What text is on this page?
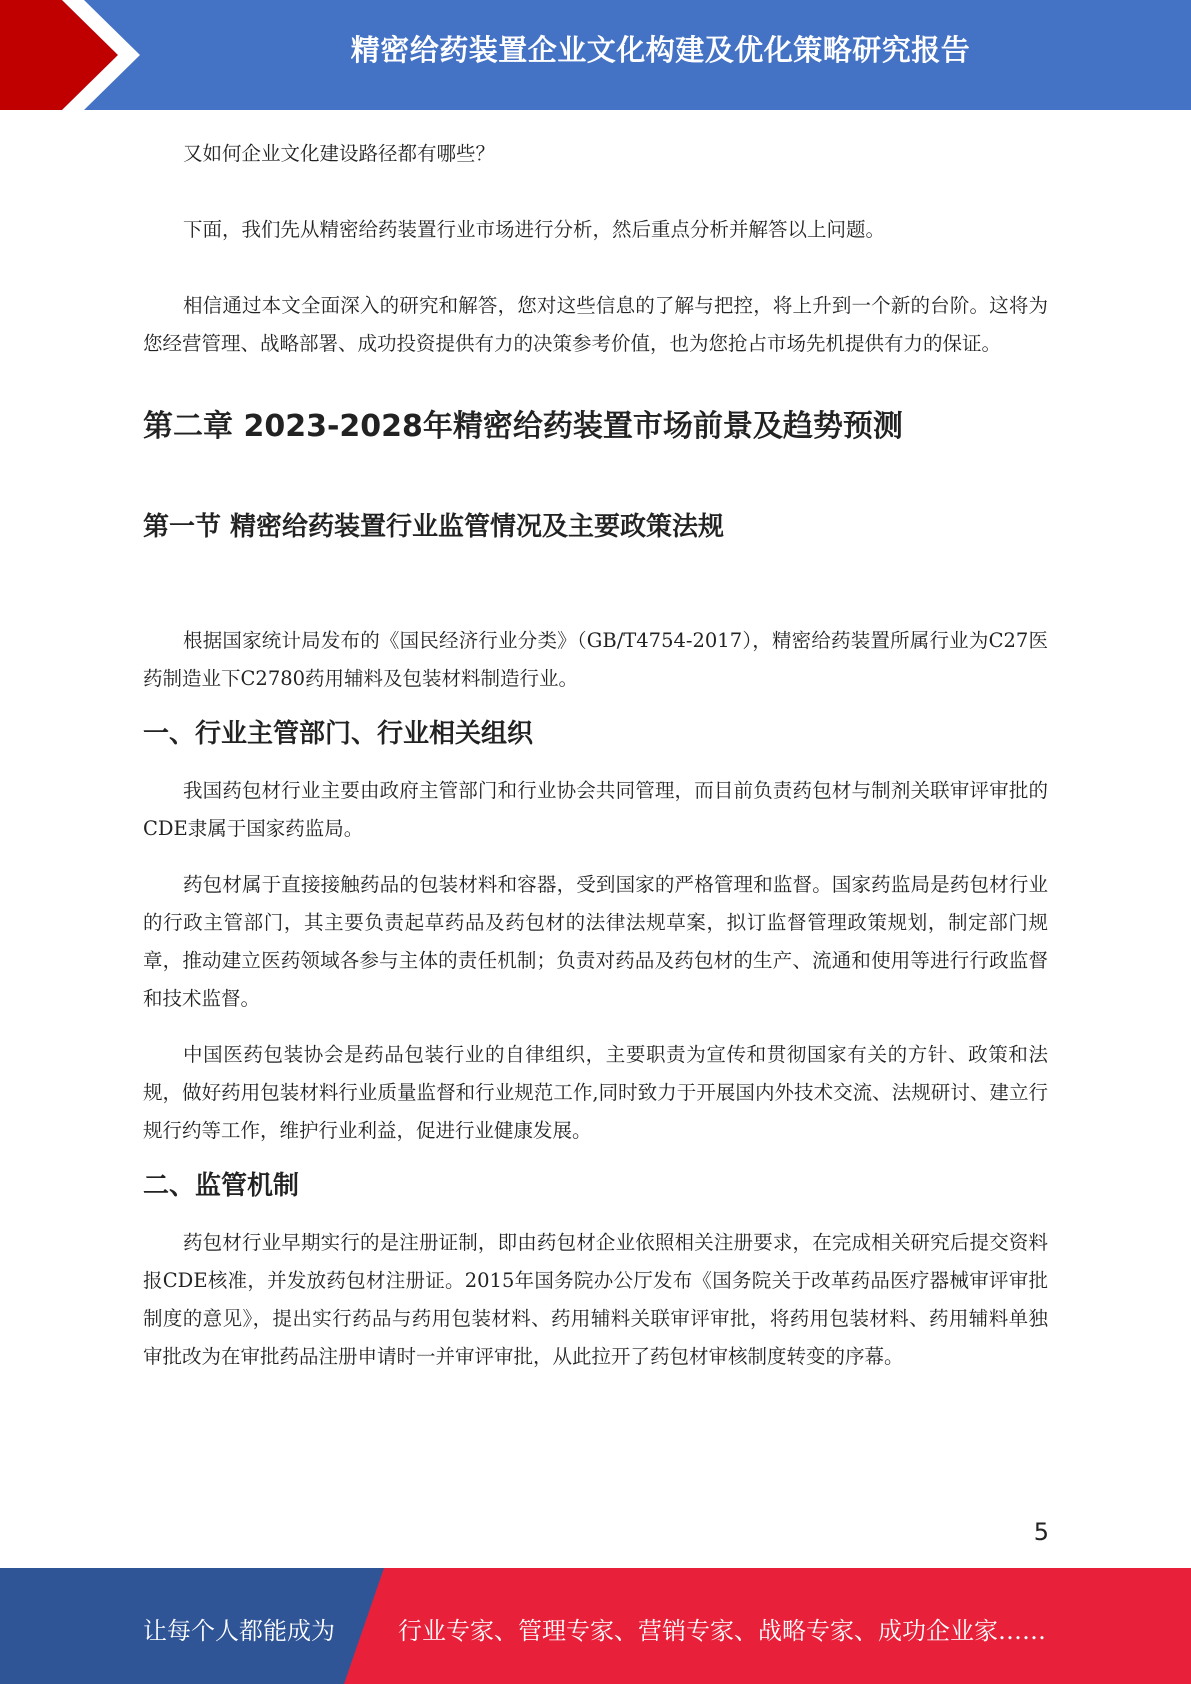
精密给药装置企业文化构建及优化策略研究报告

又如何企业文化建设路径都有哪些？

下面，我们先从精密给药装置行业市场进行分析，然后重点分析并解答以上问题。

相信通过本文全面深入的研究和解答，您对这些信息的了解与把控，将上升到一个新的台阶。这将为您经营管理、战略部署、成功投资提供有力的决策参考价值，也为您抢占市场先机提供有力的保证。

第二章 2023-2028年精密给药装置市场前景及趋势预测
第一节 精密给药装置行业监管情况及主要政策法规

根据国家统计局发布的《国民经济行业分类》（GB/T4754-2017），精密给药装置所属行业为C27医药制造业下C2780药用辅料及包装材料制造行业。

一、行业主管部门、行业相关组织

我国药包材行业主要由政府主管部门和行业协会共同管理，而目前负责药包材与制剂关联审评审批的CDE隶属于国家药监局。

药包材属于直接接触药品的包装材料和容器，受到国家的严格管理和监督。国家药监局是药包材行业的行政主管部门，其主要负责起草药品及药包材的法律法规草案，拟订监督管理政策规划，制定部门规章，推动建立医药领域各参与主体的责任机制；负责对药品及药包材的生产、流通和使用等进行行政监督和技术监督。

中国医药包装协会是药品包装行业的自律组织，主要职责为宣传和贯彻国家有关的方针、政策和法规，做好药用包装材料行业质量监督和行业规范工作,同时致力于开展国内外技术交流、法规研讨、建立行规行约等工作，维护行业利益，促进行业健康发展。

二、监管机制

药包材行业早期实行的是注册证制，即由药包材企业依照相关注册要求，在完成相关研究后提交资料报CDE核准，并发放药包材注册证。2015年国务院办公厅发布《国务院关于改革药品医疗器械审评审批制度的意见》，提出实行药品与药用包装材料、药用辅料关联审评审批，将药用包装材料、药用辅料单独审批改为在审批药品注册申请时一并审评审批，从此拉开了药包材审核制度转变的序幕。

5
让每个人都能成为	行业专家、管理专家、营销专家、战略专家、成功企业家……
